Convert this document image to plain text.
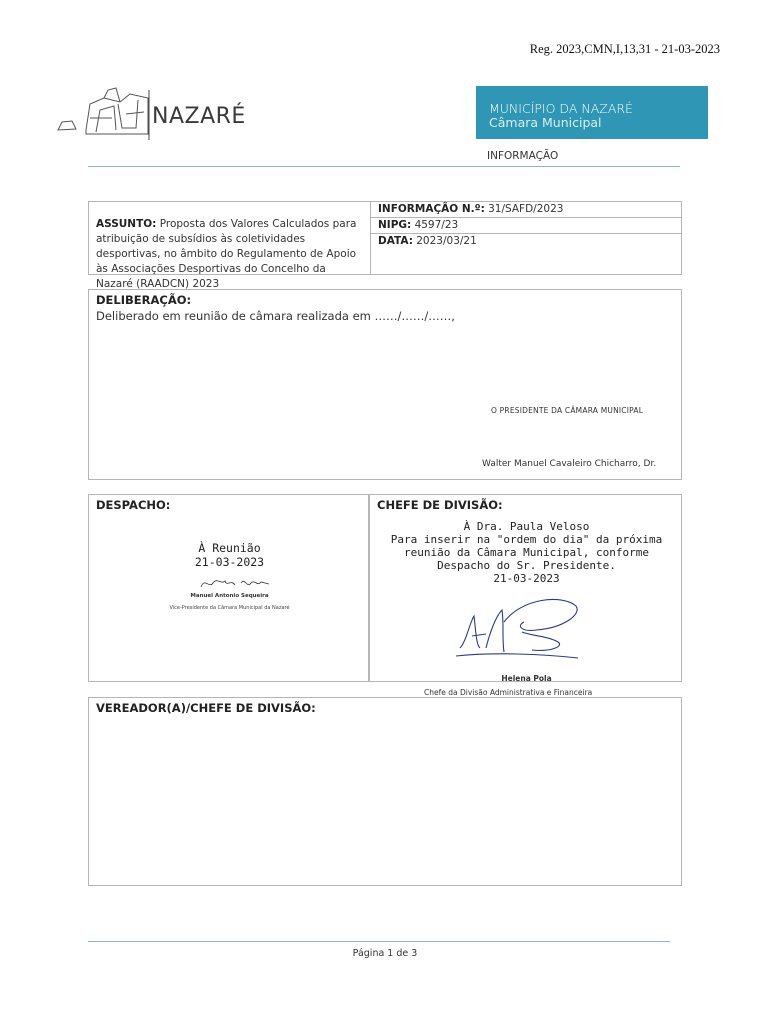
Reg. 2023,CMN,I,13,31 - 21-03-2023
NAZARÉ	MUNICÍPIO DA NAZARÉ
Câmara Municipal
INFORMAÇÃO
ASSUNTO: Proposta dos Valores Calculados para atribuição de subsídios às coletividades desportivas, no âmbito do Regulamento de Apoio às Associações Desportivas do Concelho da Nazaré (RAADCN) 2023
INFORMAÇÃO N.º: 31/SAFD/2023
NIPG: 4597/23
DATA: 2023/03/21
DELIBERAÇÃO:
Deliberado em reunião de câmara realizada em ……/……/……,
O PRESIDENTE DA CÂMARA MUNICIPAL
Walter Manuel Cavaleiro Chicharro, Dr.
DESPACHO:
À Reunião
21-03-2023
Manuel Antonio Sequeira
Vice-Presidente da Câmara Municipal da Nazaré
CHEFE DE DIVISÃO:
À Dra. Paula Veloso
Para inserir na "ordem do dia" da próxima
reunião da Câmara Municipal, conforme
Despacho do Sr. Presidente.
21-03-2023
Helena Pola
Chefe da Divisão Administrativa e Financeira
VEREADOR(A)/CHEFE DE DIVISÃO:
Página 1 de 3
